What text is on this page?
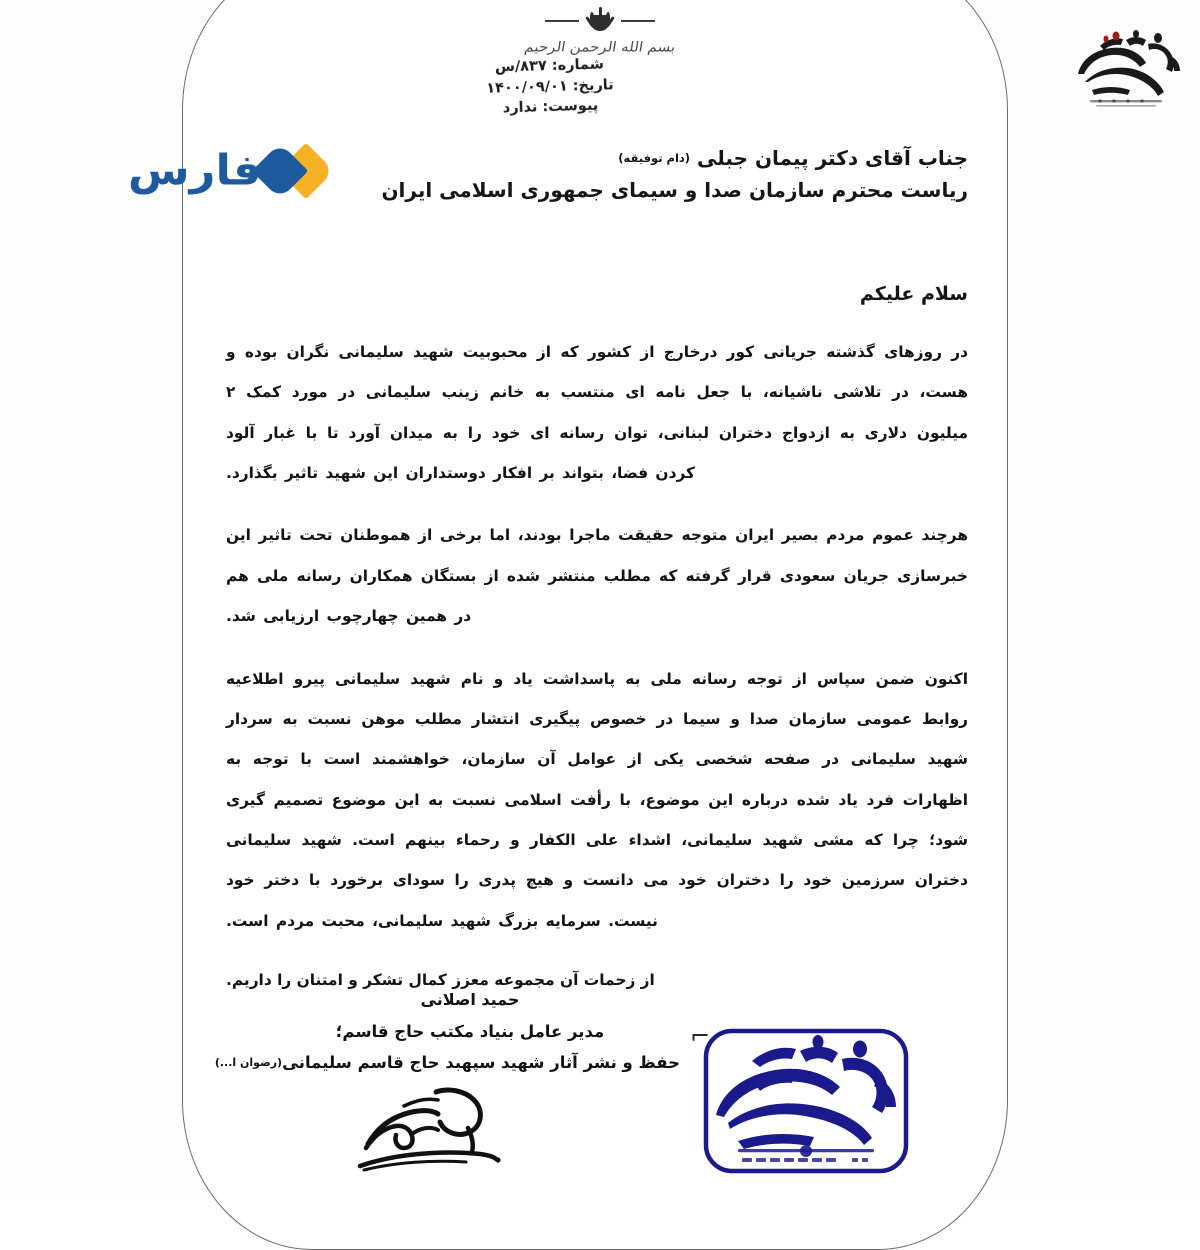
بسم الله الرحمن الرحیم
شماره: ۸۳۷/س
تاریخ: ۱۴۰۰/۰۹/۰۱
پیوست: ندارد
فارس	جناب آقای دکتر پیمان جبلی (دام توفیقه)
ریاست محترم سازمان صدا و سیمای جمهوری اسلامی ایران
سلام علیکم

در روزهای گذشته جریانی کور درخارج از کشور که از محبوبیت شهید سلیمانی نگران بوده و هست، در تلاشی ناشیانه، با جعل نامه ای منتسب به خانم زینب سلیمانی در مورد کمک ۲ میلیون دلاری به ازدواج دختران لبنانی، توان رسانه ای خود را به میدان آورد تا با غبار آلود کردن فضا، بتواند بر افکار دوستداران این شهید تاثیر بگذارد.

هرچند عموم مردم بصیر ایران متوجه حقیقت ماجرا بودند، اما برخی از هموطنان تحت تاثیر این خبرسازی جریان سعودی قرار گرفته که مطلب منتشر شده از بستگان همکاران رسانه ملی هم در همین چهارچوب ارزیابی شد.

اکنون ضمن سپاس از توجه رسانه ملی به پاسداشت یاد و نام شهید سلیمانی پیرو اطلاعیه روابط عمومی سازمان صدا و سیما در خصوص پیگیری انتشار مطلب موهن نسبت به سردار شهید سلیمانی در صفحه شخصی یکی از عوامل آن سازمان، خواهشمند است با توجه به اظهارات فرد یاد شده درباره این موضوع، با رأفت اسلامی نسبت به این موضوع تصمیم گیری شود؛ چرا که مشی شهید سلیمانی، اشداء علی الکفار و رحماء بینهم است. شهید سلیمانی دختران سرزمین خود را دختران خود می دانست و هیچ پدری را سودای برخورد با دختر خود نیست. سرمایه بزرگ شهید سلیمانی، محبت مردم است.

از زحمات آن مجموعه معزز کمال تشکر و امتنان را داریم.

حمید اصلانی
مدیر عامل بنیاد مکتب حاج قاسم؛
حفظ و نشر آثار شهید سپهبد حاج قاسم سلیمانی(رضوان ا...)
⌐
